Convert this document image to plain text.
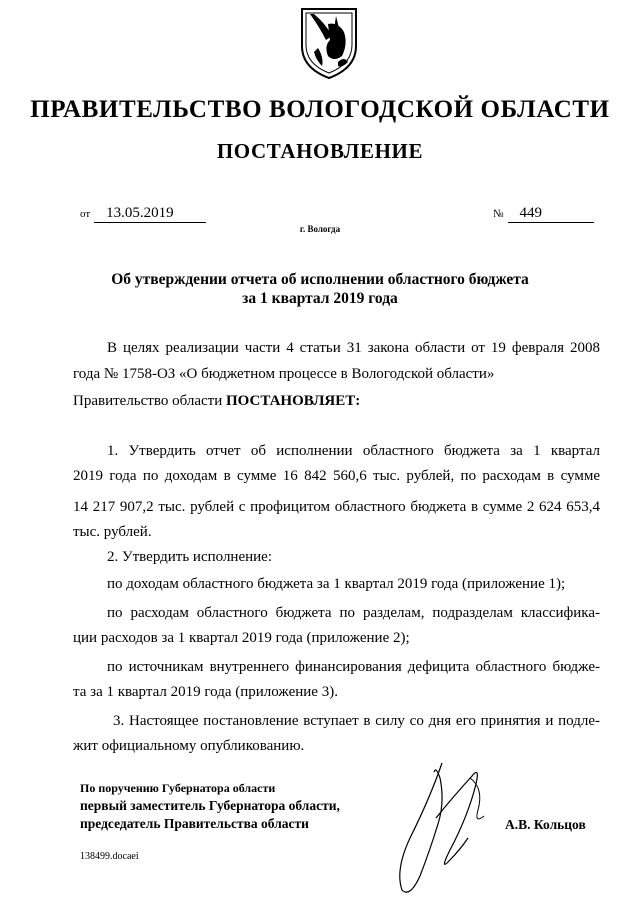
ПРАВИТЕЛЬСТВО ВОЛОГОДСКОЙ ОБЛАСТИ
ПОСТАНОВЛЕНИЕ
от 13.05.2019	№ 449
г. Вологда
Об утверждении отчета об исполнении областного бюджета
за 1 квартал 2019 года
В целях реализации части 4 статьи 31 закона области от 19 февраля 2008
года № 1758-ОЗ «О бюджетном процессе в Вологодской области»
Правительство области ПОСТАНОВЛЯЕТ:
1. Утвердить отчет об исполнении областного бюджета за 1 квартал
2019 года по доходам в сумме 16 842 560,6 тыс. рублей, по расходам в сумме
14 217 907,2 тыс. рублей с профицитом областного бюджета в сумме 2 624 653,4
тыс. рублей.
2. Утвердить исполнение:
по доходам областного бюджета за 1 квартал 2019 года (приложение 1);
по расходам областного бюджета по разделам, подразделам классифика-
ции расходов за 1 квартал 2019 года (приложение 2);
по источникам внутреннего финансирования дефицита областного бюдже-
та за 1 квартал 2019 года (приложение 3).
3. Настоящее постановление вступает в силу со дня его принятия и подле-
жит официальному опубликованию.
По поручению Губернатора области
первый заместитель Губернатора области,
председатель Правительства области	А.В. Кольцов
138499.docaei
